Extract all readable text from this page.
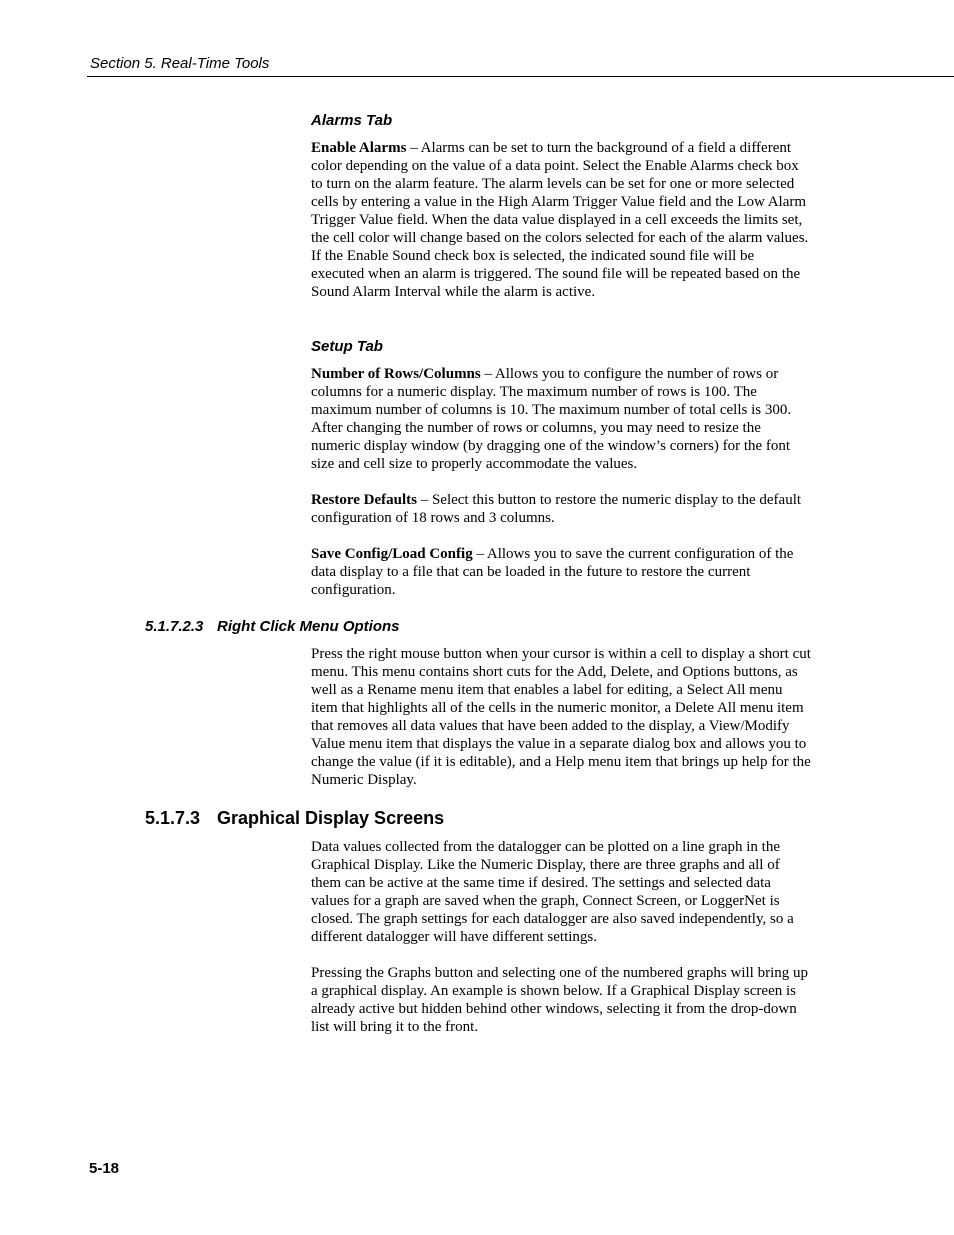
Section 5. Real-Time Tools
Alarms Tab

Enable Alarms – Alarms can be set to turn the background of a field a different color depending on the value of a data point. Select the Enable Alarms check box to turn on the alarm feature. The alarm levels can be set for one or more selected cells by entering a value in the High Alarm Trigger Value field and the Low Alarm Trigger Value field. When the data value displayed in a cell exceeds the limits set, the cell color will change based on the colors selected for each of the alarm values. If the Enable Sound check box is selected, the indicated sound file will be executed when an alarm is triggered. The sound file will be repeated based on the Sound Alarm Interval while the alarm is active.

Setup Tab

Number of Rows/Columns – Allows you to configure the number of rows or columns for a numeric display. The maximum number of rows is 100. The maximum number of columns is 10. The maximum number of total cells is 300. After changing the number of rows or columns, you may need to resize the numeric display window (by dragging one of the window’s corners) for the font size and cell size to properly accommodate the values.

Restore Defaults – Select this button to restore the numeric display to the default configuration of 18 rows and 3 columns.

Save Config/Load Config – Allows you to save the current configuration of the data display to a file that can be loaded in the future to restore the current configuration.

5.1.7.2.3 Right Click Menu Options

Press the right mouse button when your cursor is within a cell to display a short cut menu. This menu contains short cuts for the Add, Delete, and Options buttons, as well as a Rename menu item that enables a label for editing, a Select All menu item that highlights all of the cells in the numeric monitor, a Delete All menu item that removes all data values that have been added to the display, a View/Modify Value menu item that displays the value in a separate dialog box and allows you to change the value (if it is editable), and a Help menu item that brings up help for the Numeric Display.

5.1.7.3 Graphical Display Screens

Data values collected from the datalogger can be plotted on a line graph in the Graphical Display. Like the Numeric Display, there are three graphs and all of them can be active at the same time if desired. The settings and selected data values for a graph are saved when the graph, Connect Screen, or LoggerNet is closed. The graph settings for each datalogger are also saved independently, so a different datalogger will have different settings.

Pressing the Graphs button and selecting one of the numbered graphs will bring up a graphical display. An example is shown below. If a Graphical Display screen is already active but hidden behind other windows, selecting it from the drop-down list will bring it to the front.

5-18
